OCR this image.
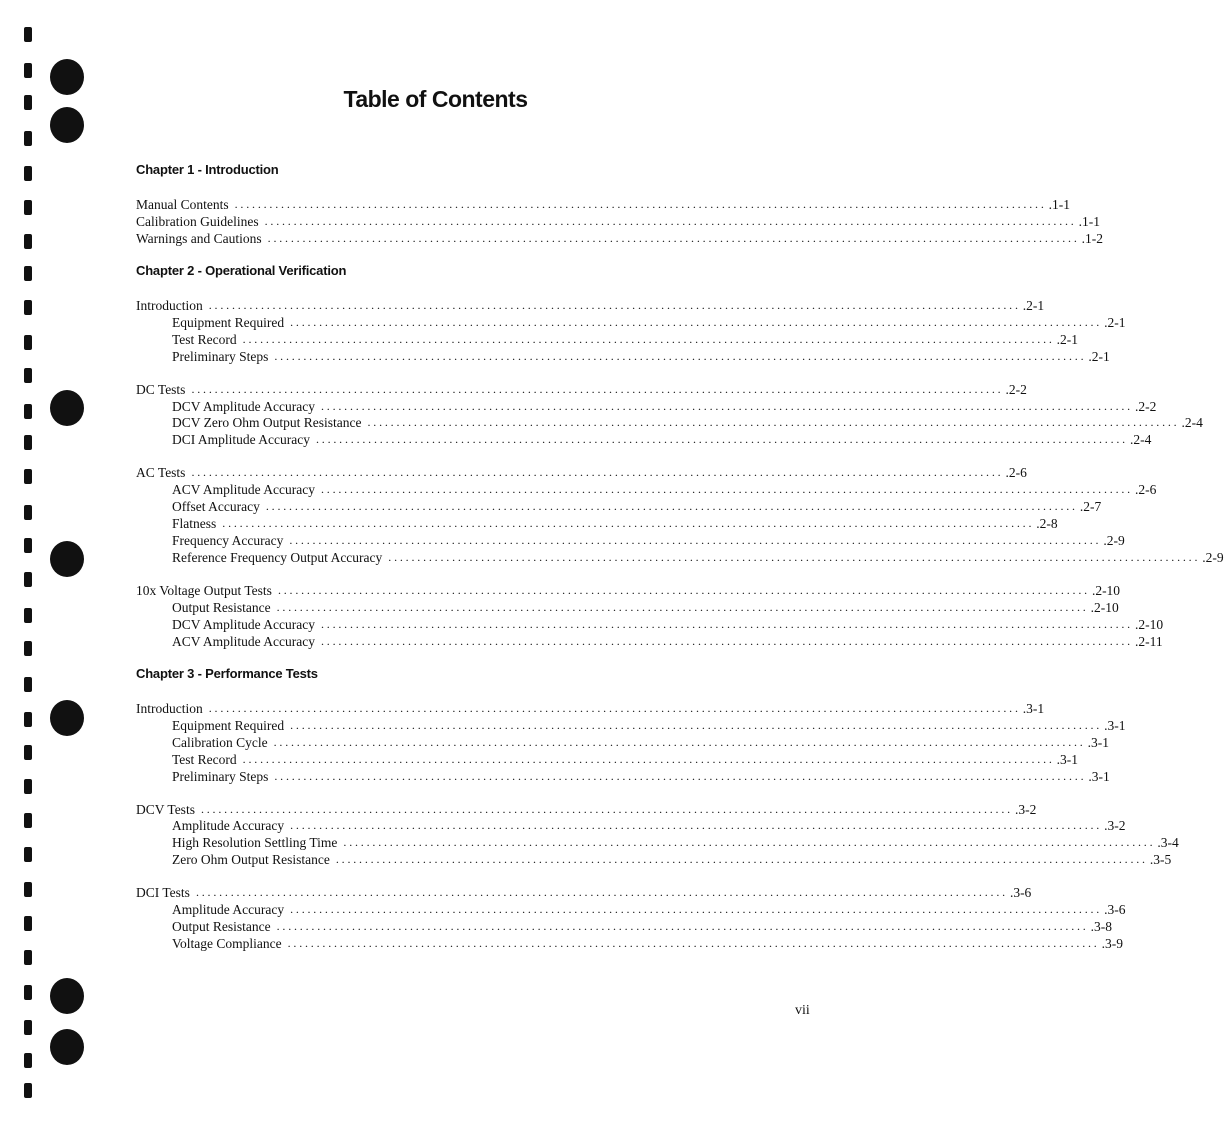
Table of Contents
Chapter 1 - Introduction
Manual Contents ............................................................................................................................................ .1-1
Calibration Guidelines ............................................................................................................................................ .1-1
Warnings and Cautions ............................................................................................................................................ .1-2
Chapter 2 - Operational Verification
Introduction ............................................................................................................................................ .2-1
Equipment Required ............................................................................................................................................ .2-1
Test Record ............................................................................................................................................ .2-1
Preliminary Steps ............................................................................................................................................ .2-1
DC Tests ............................................................................................................................................ .2-2
DCV Amplitude Accuracy ............................................................................................................................................ .2-2
DCV Zero Ohm Output Resistance ............................................................................................................................................ .2-4
DCI Amplitude Accuracy ............................................................................................................................................ .2-4
AC Tests ............................................................................................................................................ .2-6
ACV Amplitude Accuracy ............................................................................................................................................ .2-6
Offset Accuracy ............................................................................................................................................ .2-7
Flatness ............................................................................................................................................ .2-8
Frequency Accuracy ............................................................................................................................................ .2-9
Reference Frequency Output Accuracy ............................................................................................................................................ .2-9
10x Voltage Output Tests ............................................................................................................................................ .2-10
Output Resistance ............................................................................................................................................ .2-10
DCV Amplitude Accuracy ............................................................................................................................................ .2-10
ACV Amplitude Accuracy ............................................................................................................................................ .2-11
Chapter 3 - Performance Tests
Introduction ............................................................................................................................................ .3-1
Equipment Required ............................................................................................................................................ .3-1
Calibration Cycle ............................................................................................................................................ .3-1
Test Record ............................................................................................................................................ .3-1
Preliminary Steps ............................................................................................................................................ .3-1
DCV Tests ............................................................................................................................................ .3-2
Amplitude Accuracy ............................................................................................................................................ .3-2
High Resolution Settling Time ............................................................................................................................................ .3-4
Zero Ohm Output Resistance ............................................................................................................................................ .3-5
DCI Tests ............................................................................................................................................ .3-6
Amplitude Accuracy ............................................................................................................................................ .3-6
Output Resistance ............................................................................................................................................ .3-8
Voltage Compliance ............................................................................................................................................ .3-9
vii
